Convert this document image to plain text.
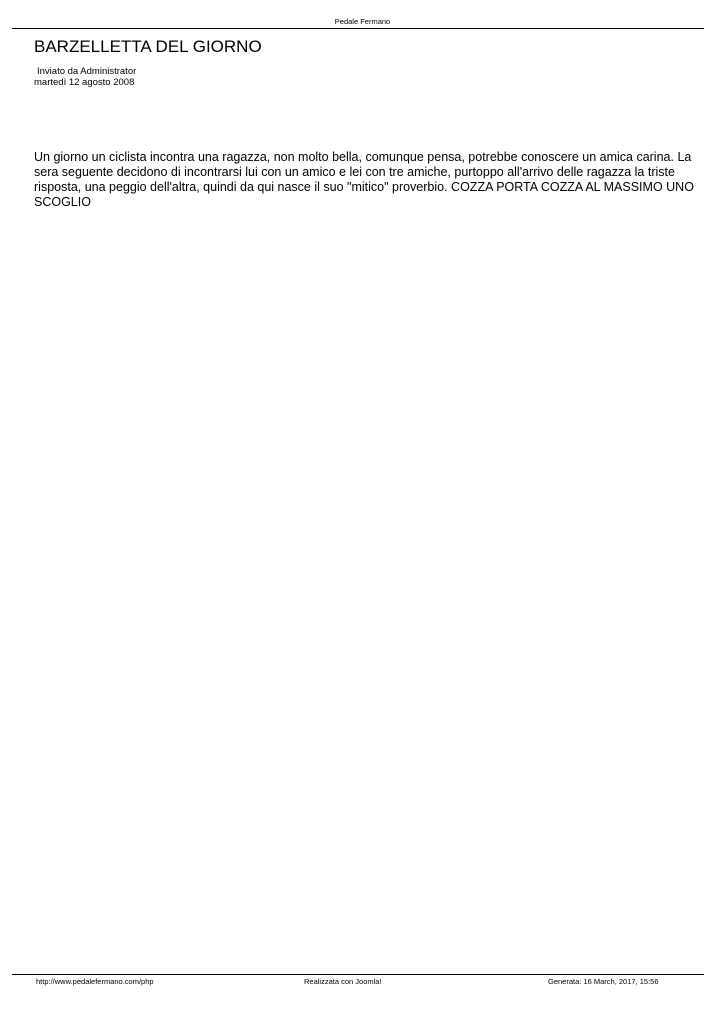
Pedale Fermano
BARZELLETTA DEL GIORNO
Inviato da Administrator
martedì 12 agosto 2008

Un giorno un ciclista incontra una ragazza, non molto bella, comunque pensa, potrebbe conoscere un amica carina. La sera seguente decidono di incontrarsi lui con un amico e lei con tre amiche, purtoppo all'arrivo delle ragazza la triste risposta, una peggio dell'altra, quindi da qui nasce il suo "mitico" proverbio. COZZA PORTA COZZA AL MASSIMO UNO SCOGLIO

http://www.pedalefermano.com/php	Realizzata con Joomla!	Generata: 16 March, 2017, 15:56
